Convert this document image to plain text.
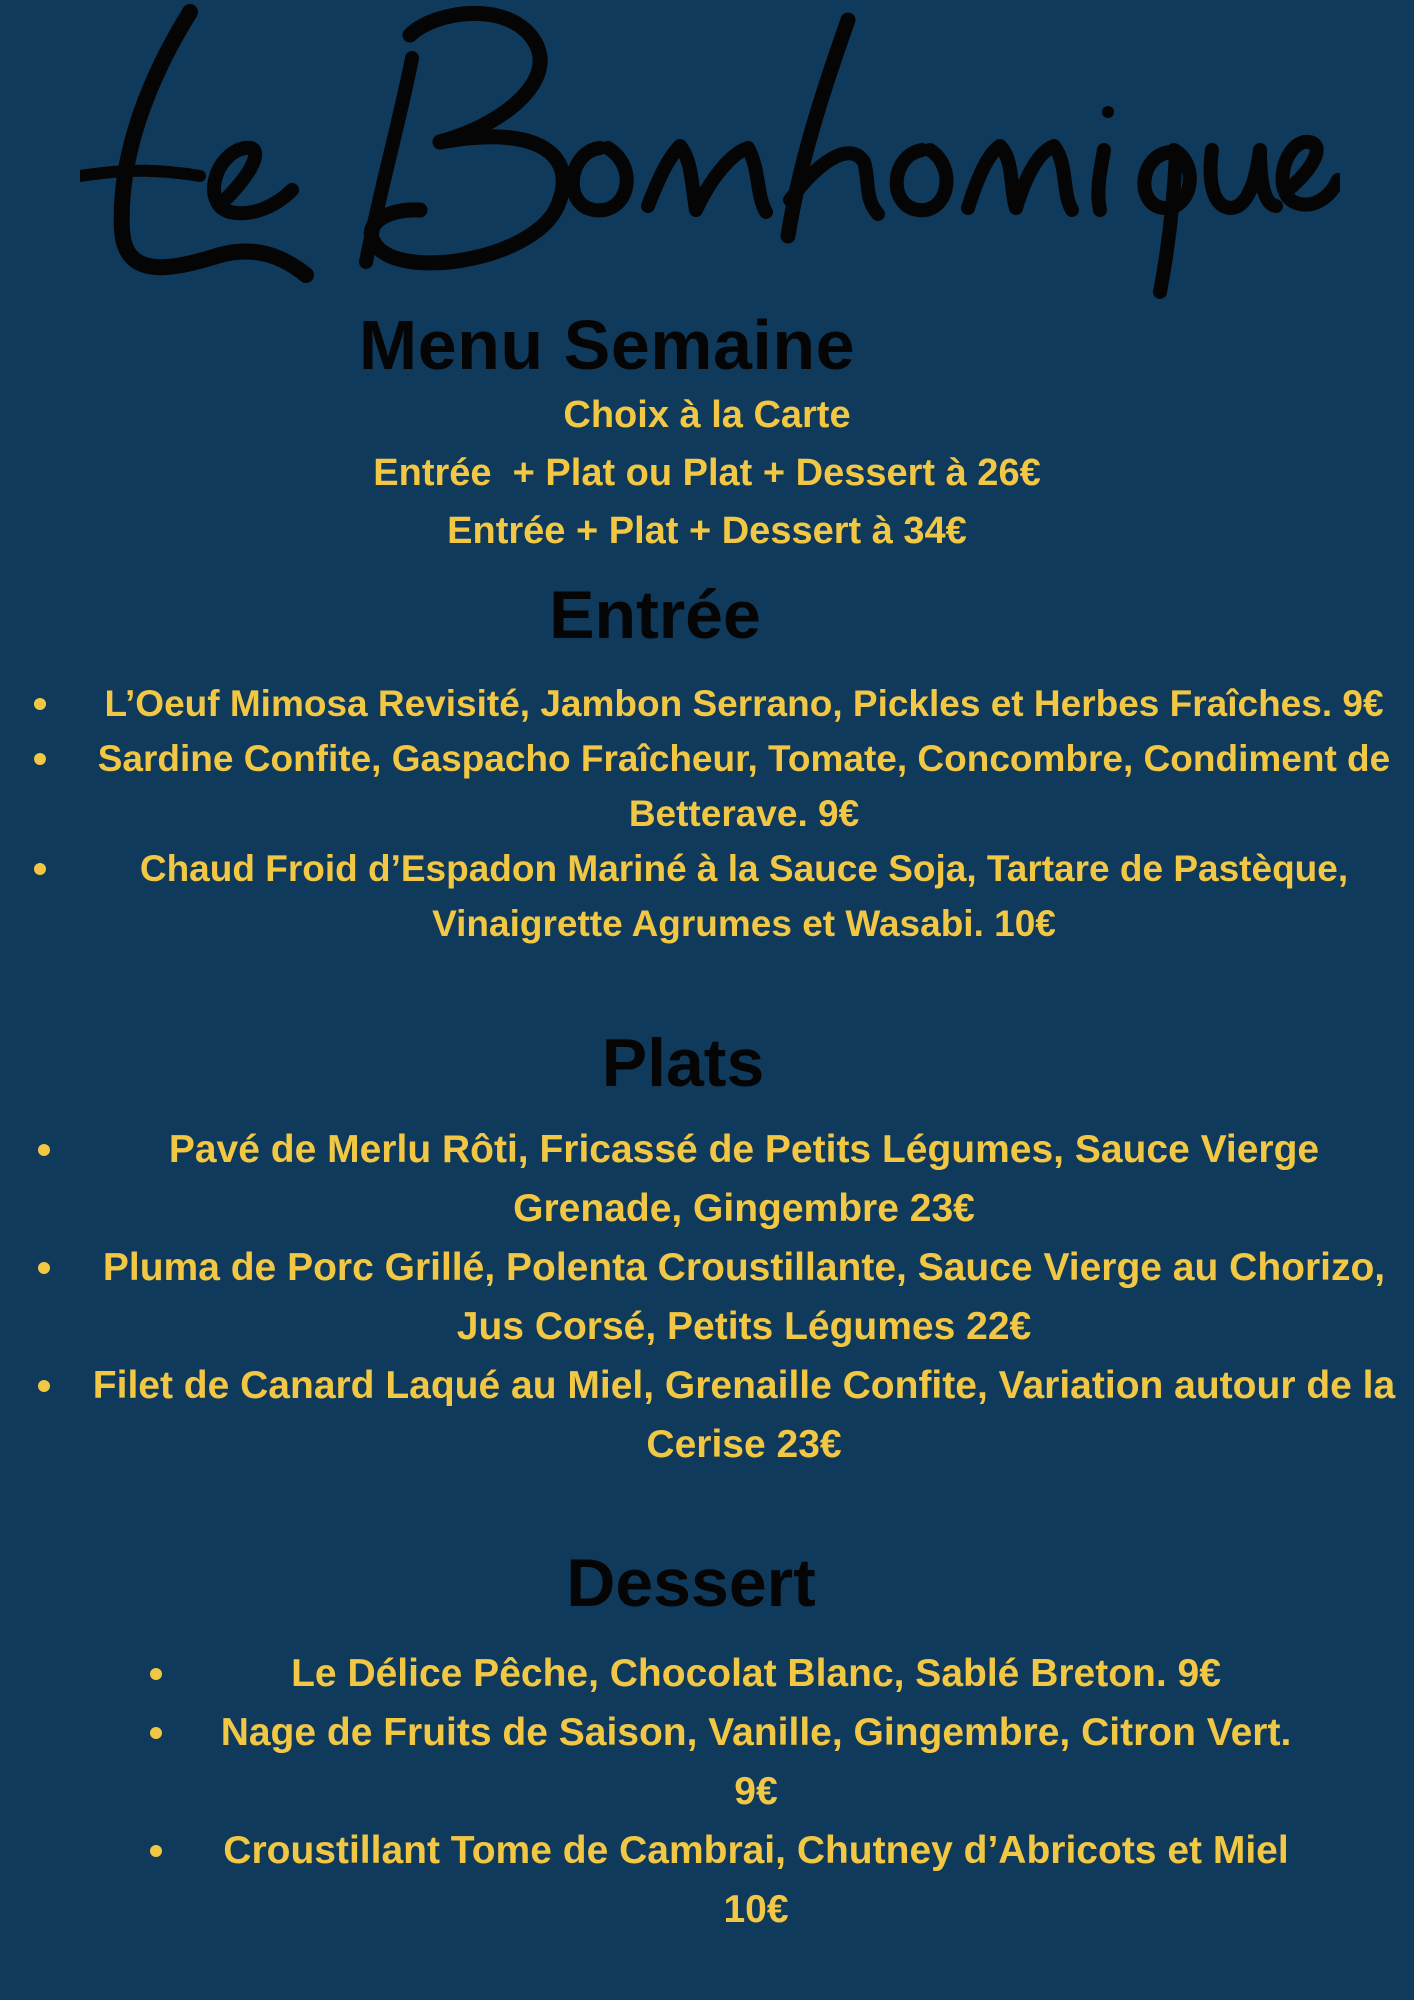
Menu Semaine
Choix à la Carte
Entrée  + Plat ou Plat + Dessert à 26€
Entrée + Plat + Dessert à 34€
Entrée
L’Oeuf Mimosa Revisité, Jambon Serrano, Pickles et Herbes Fraîches. 9€
Sardine Confite, Gaspacho Fraîcheur, Tomate, Concombre, Condiment de Betterave. 9€
Chaud Froid d’Espadon Mariné à la Sauce Soja, Tartare de Pastèque, Vinaigrette Agrumes et Wasabi. 10€
Plats
Pavé de Merlu Rôti, Fricassé de Petits Légumes, Sauce Vierge Grenade, Gingembre 23€
Pluma de Porc Grillé, Polenta Croustillante, Sauce Vierge au Chorizo, Jus Corsé, Petits Légumes 22€
Filet de Canard Laqué au Miel, Grenaille Confite, Variation autour de la Cerise 23€
Dessert
Le Délice Pêche, Chocolat Blanc, Sablé Breton. 9€
Nage de Fruits de Saison, Vanille, Gingembre, Citron Vert. 9€
Croustillant Tome de Cambrai, Chutney d’Abricots et Miel 10€
